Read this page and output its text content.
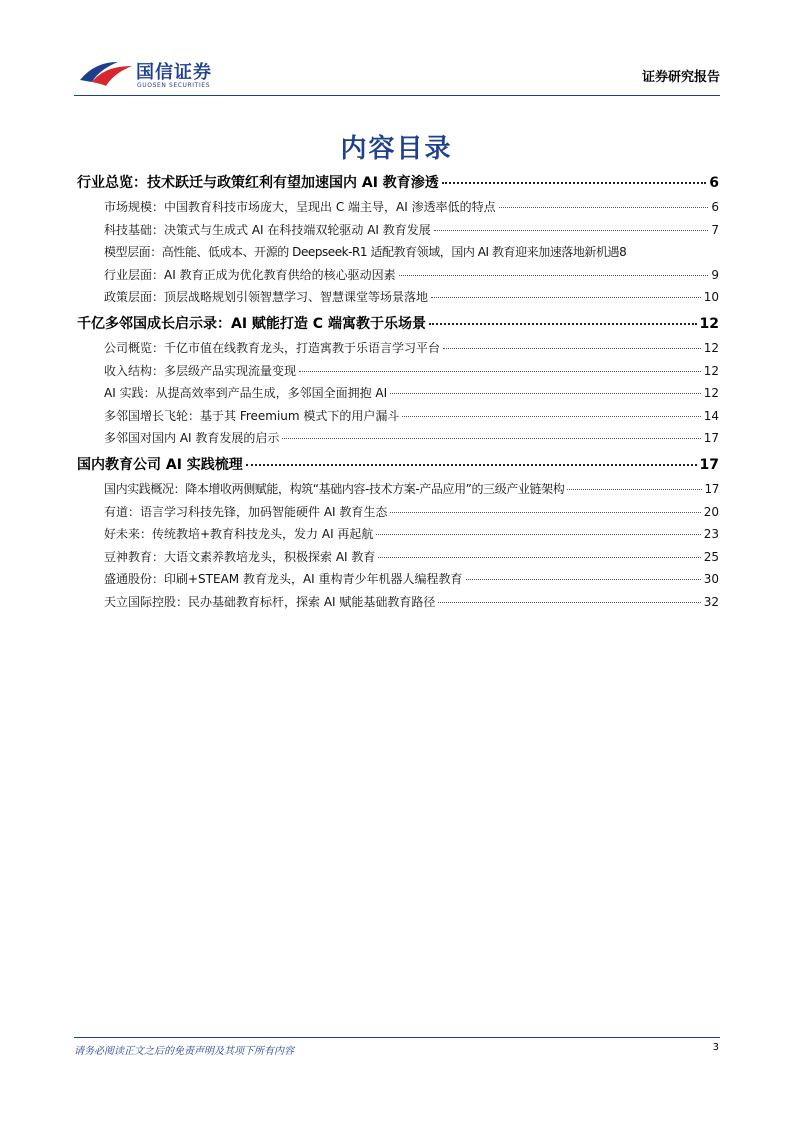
国信证券
GUOSEN SECURITIES
证券研究报告
内容目录
行业总览：技术跃迁与政策红利有望加速国内 AI 教育渗透	6
市场规模：中国教育科技市场庞大，呈现出 C 端主导，AI 渗透率低的特点	6
科技基础：决策式与生成式 AI 在科技端双轮驱动 AI 教育发展	7
模型层面：高性能、低成本、开源的 Deepseek-R1 适配教育领域，国内 AI 教育迎来加速落地新机遇 8
行业层面：AI 教育正成为优化教育供给的核心驱动因素	9
政策层面：顶层战略规划引领智慧学习、智慧课堂等场景落地	10
千亿多邻国成长启示录：AI 赋能打造 C 端寓教于乐场景	12
公司概览：千亿市值在线教育龙头，打造寓教于乐语言学习平台	12
收入结构：多层级产品实现流量变现	12
AI 实践：从提高效率到产品生成，多邻国全面拥抱 AI	12
多邻国增长飞轮：基于其 Freemium 模式下的用户漏斗	14
多邻国对国内 AI 教育发展的启示	17
国内教育公司 AI 实践梳理	17
国内实践概况：降本增收两侧赋能，构筑“基础内容-技术方案-产品应用”的三级产业链架构	17
有道：语言学习科技先锋，加码智能硬件 AI 教育生态	20
好未来：传统教培+教育科技龙头，发力 AI 再起航	23
豆神教育：大语文素养教培龙头，积极探索 AI 教育	25
盛通股份：印刷+STEAM 教育龙头，AI 重构青少年机器人编程教育	30
天立国际控股：民办基础教育标杆，探索 AI 赋能基础教育路径	32
请务必阅读正文之后的免责声明及其项下所有内容	3
